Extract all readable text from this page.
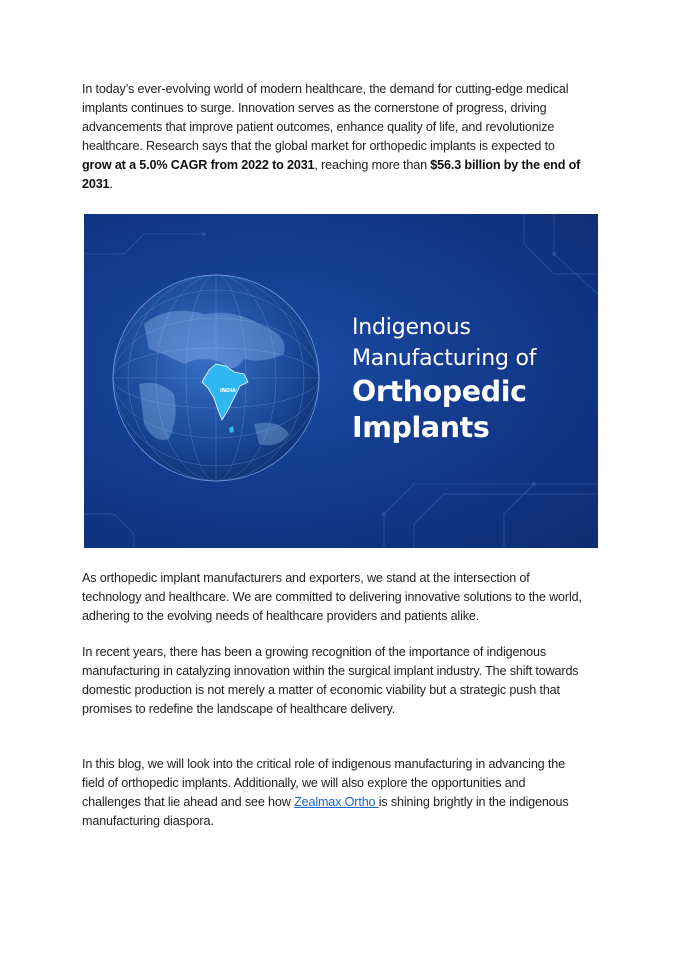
In today’s ever-evolving world of modern healthcare, the demand for cutting-edge medical implants continues to surge. Innovation serves as the cornerstone of progress, driving advancements that improve patient outcomes, enhance quality of life, and revolutionize healthcare. Research says that the global market for orthopedic implants is expected to grow at a 5.0% CAGR from 2022 to 2031, reaching more than $56.3 billion by the end of 2031.

INDIA
Indigenous
Manufacturing of
Orthopedic
Implants

As orthopedic implant manufacturers and exporters, we stand at the intersection of technology and healthcare. We are committed to delivering innovative solutions to the world, adhering to the evolving needs of healthcare providers and patients alike.

In recent years, there has been a growing recognition of the importance of indigenous manufacturing in catalyzing innovation within the surgical implant industry. The shift towards domestic production is not merely a matter of economic viability but a strategic push that promises to redefine the landscape of healthcare delivery.

In this blog, we will look into the critical role of indigenous manufacturing in advancing the field of orthopedic implants. Additionally, we will also explore the opportunities and challenges that lie ahead and see how Zealmax Ortho is shining brightly in the indigenous manufacturing diaspora.
